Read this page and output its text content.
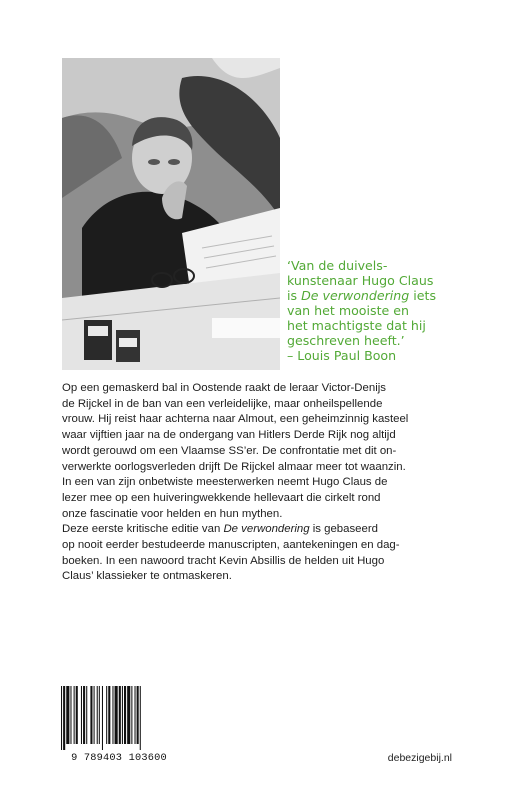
‘Van de duivels-
kunstenaar Hugo Claus
is De verwondering iets
van het mooiste en
het machtigste dat hij
geschreven heeft.’
– Louis Paul Boon
Op een gemaskerd bal in Oostende raakt de leraar Victor-Denijs
de Rijckel in de ban van een verleidelijke, maar onheilspellende
vrouw. Hij reist haar achterna naar Almout, een geheimzinnig kasteel
waar vijftien jaar na de ondergang van Hitlers Derde Rijk nog altijd
wordt gerouwd om een Vlaamse SS’er. De confrontatie met dit on-
verwerkte oorlogsverleden drijft De Rijckel almaar meer tot waanzin.
In een van zijn onbetwiste meesterwerken neemt Hugo Claus de
lezer mee op een huiveringwekkende hellevaart die cirkelt rond
onze fascinatie voor helden en hun mythen.
Deze eerste kritische editie van De verwondering is gebaseerd
op nooit eerder bestudeerde manuscripten, aantekeningen en dag-
boeken. In een nawoord tracht Kevin Absillis de helden uit Hugo
Claus’ klassieker te ontmaskeren.
9 789403 103600	debezigebij.nl
